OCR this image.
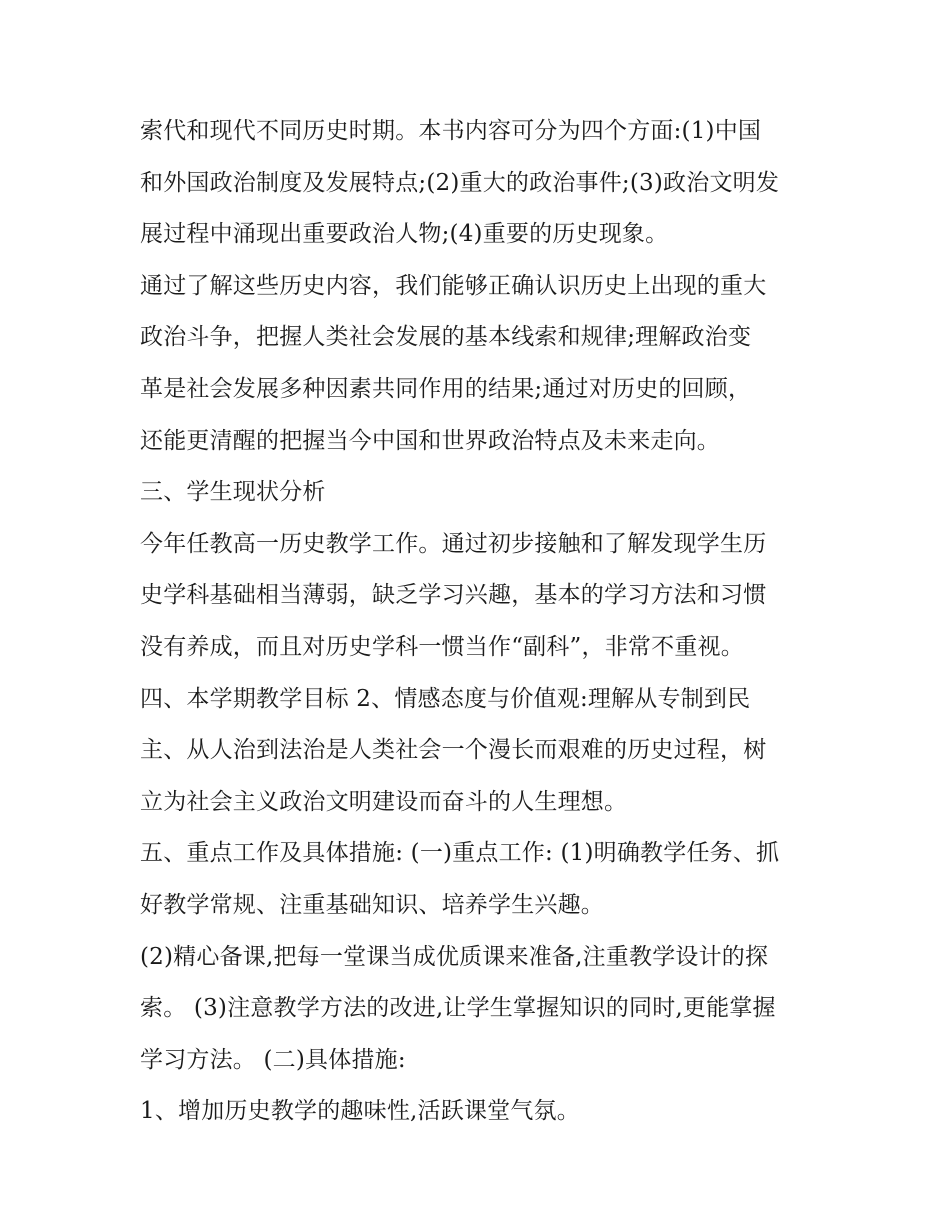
索代和现代不同历史时期。本书内容可分为四个方面:(1)中国
和外国政治制度及发展特点;(2)重大的政治事件;(3)政治文明发
展过程中涌现出重要政治人物;(4)重要的历史现象。
通过了解这些历史内容，我们能够正确认识历史上出现的重大
政治斗争，把握人类社会发展的基本线索和规律;理解政治变
革是社会发展多种因素共同作用的结果;通过对历史的回顾，
还能更清醒的把握当今中国和世界政治特点及未来走向。
三、学生现状分析
今年任教高一历史教学工作。通过初步接触和了解发现学生历
史学科基础相当薄弱，缺乏学习兴趣，基本的学习方法和习惯
没有养成，而且对历史学科一惯当作“副科”，非常不重视。
四、本学期教学目标 2、情感态度与价值观:理解从专制到民
主、从人治到法治是人类社会一个漫长而艰难的历史过程，树
立为社会主义政治文明建设而奋斗的人生理想。
五、重点工作及具体措施: (一)重点工作: (1)明确教学任务、抓
好教学常规、注重基础知识、培养学生兴趣。
(2)精心备课,把每一堂课当成优质课来准备,注重教学设计的探
索。 (3)注意教学方法的改进,让学生掌握知识的同时,更能掌握
学习方法。 (二)具体措施:
1、增加历史教学的趣味性,活跃课堂气氛。
